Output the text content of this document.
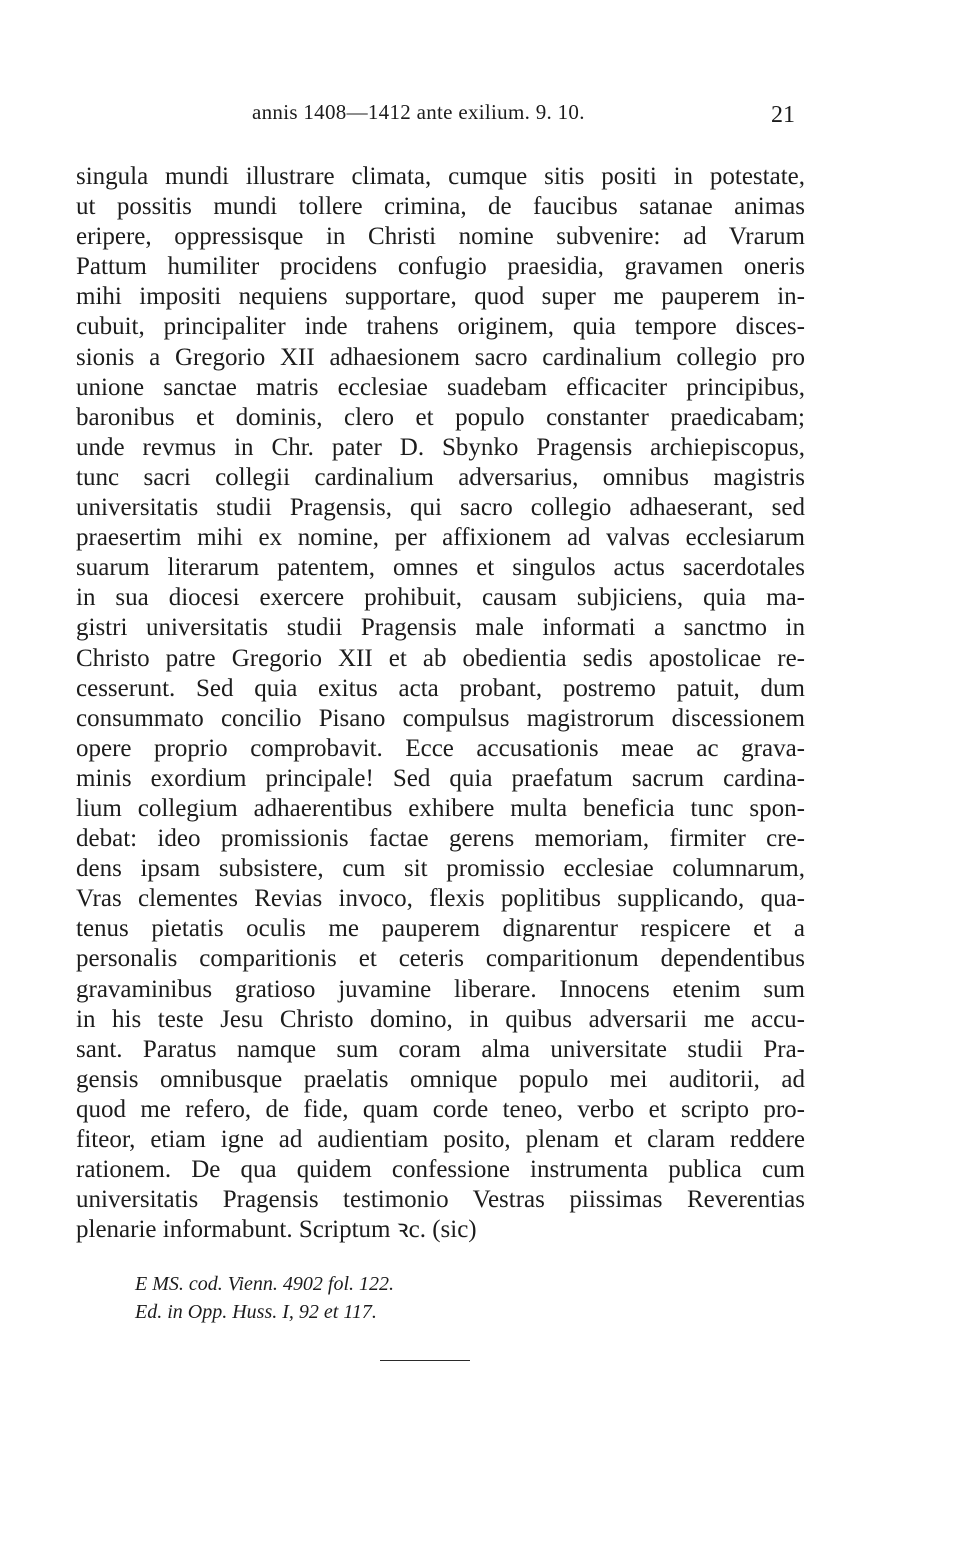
annis 1408—1412 ante exilium. 9. 10.	21
singula mundi illustrare climata, cumque sitis positi in potestate,
ut possitis mundi tollere crimina, de faucibus satanae animas
eripere, oppressisque in Christi nomine subvenire: ad Vrarum
Pattum humiliter procidens confugio praesidia, gravamen oneris
mihi impositi nequiens supportare, quod super me pauperem in-
cubuit, principaliter inde trahens originem, quia tempore disces-
sionis a Gregorio XII adhaesionem sacro cardinalium collegio pro
unione sanctae matris ecclesiae suadebam efficaciter principibus,
baronibus et dominis, clero et populo constanter praedicabam;
unde revmus in Chr. pater D. Sbynko Pragensis archiepiscopus,
tunc sacri collegii cardinalium adversarius, omnibus magistris
universitatis studii Pragensis, qui sacro collegio adhaeserant, sed
praesertim mihi ex nomine, per affixionem ad valvas ecclesiarum
suarum literarum patentem, omnes et singulos actus sacerdotales
in sua diocesi exercere prohibuit, causam subjiciens, quia ma-
gistri universitatis studii Pragensis male informati a sanctmo in
Christo patre Gregorio XII et ab obedientia sedis apostolicae re-
cesserunt. Sed quia exitus acta probant, postremo patuit, dum
consummato concilio Pisano compulsus magistrorum discessionem
opere proprio comprobavit. Ecce accusationis meae ac grava-
minis exordium principale! Sed quia praefatum sacrum cardina-
lium collegium adhaerentibus exhibere multa beneficia tunc spon-
debat: ideo promissionis factae gerens memoriam, firmiter cre-
dens ipsam subsistere, cum sit promissio ecclesiae columnarum,
Vras clementes Revias invoco, flexis poplitibus supplicando, qua-
tenus pietatis oculis me pauperem dignarentur respicere et a
personalis comparitionis et ceteris comparitionum dependentibus
gravaminibus gratioso juvamine liberare. Innocens etenim sum
in his teste Jesu Christo domino, in quibus adversarii me accu-
sant. Paratus namque sum coram alma universitate studii Pra-
gensis omnibusque praelatis omnique populo mei auditorii, ad
quod me refero, de fide, quam corde teneo, verbo et scripto pro-
fiteor, etiam igne ad audientiam posito, plenam et claram reddere
rationem. De qua quidem confessione instrumenta publica cum
universitatis Pragensis testimonio Vestras piissimas Reverentias
plenarie informabunt. Scriptum ꝛc. (sic)
E MS. cod. Vienn. 4902 fol. 122.
Ed. in Opp. Huss. I, 92 et 117.
